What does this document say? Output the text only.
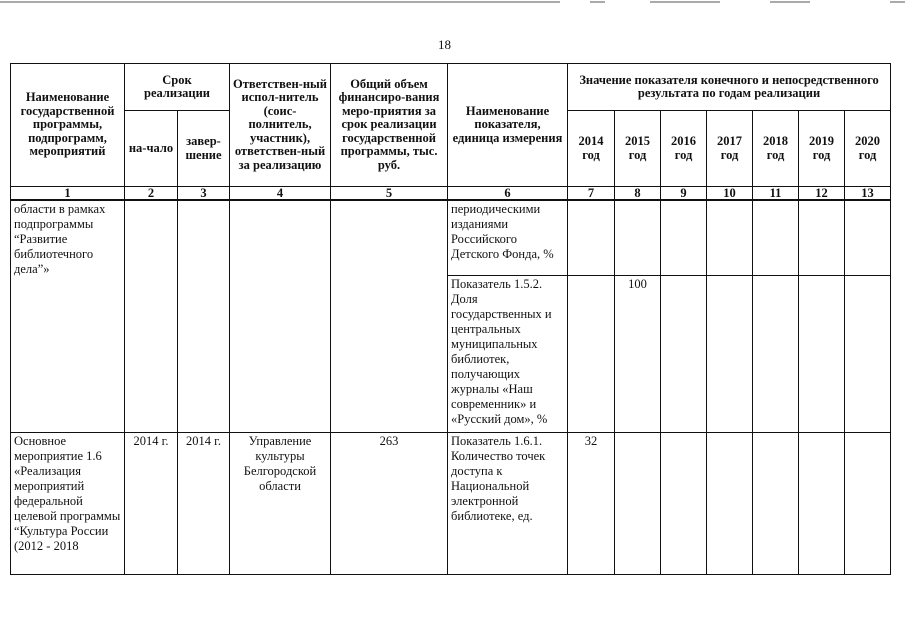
18
Наименование государственной программы, подпрограмм, мероприятий	Срок реализации		Ответствен-ный испол-нитель (соис-полнитель, участник), ответствен-ный за реализацию	Общий объем финансиро-вания меро-приятия за срок реализации государственной программы, тыс. руб.	Наименование показателя, единица измерения	Значение показателя конечного и непосредственного результата по годам реализации						
	на-чало	завер-шение				2014 год	2015 год	2016 год	2017 год	2018 год	2019 год	2020 год
1	2	3	4	5	6	7	8	9	10	11	12	13
области в рамках подпрограммы “Развитие библиотечного дела”»					периодическими изданиями Российского Детского Фонда, %							
					Показатель 1.5.2. Доля государственных и центральных муниципальных библиотек, получающих журналы «Наш современник» и «Русский дом», %		100					
Основное мероприятие 1.6 «Реализация мероприятий федеральной целевой программы “Культура России (2012 - 2018	2014 г.	2014 г.	Управление культуры Белгородской области	263	Показатель 1.6.1. Количество точек доступа к Национальной электронной библиотеке, ед.	32						
